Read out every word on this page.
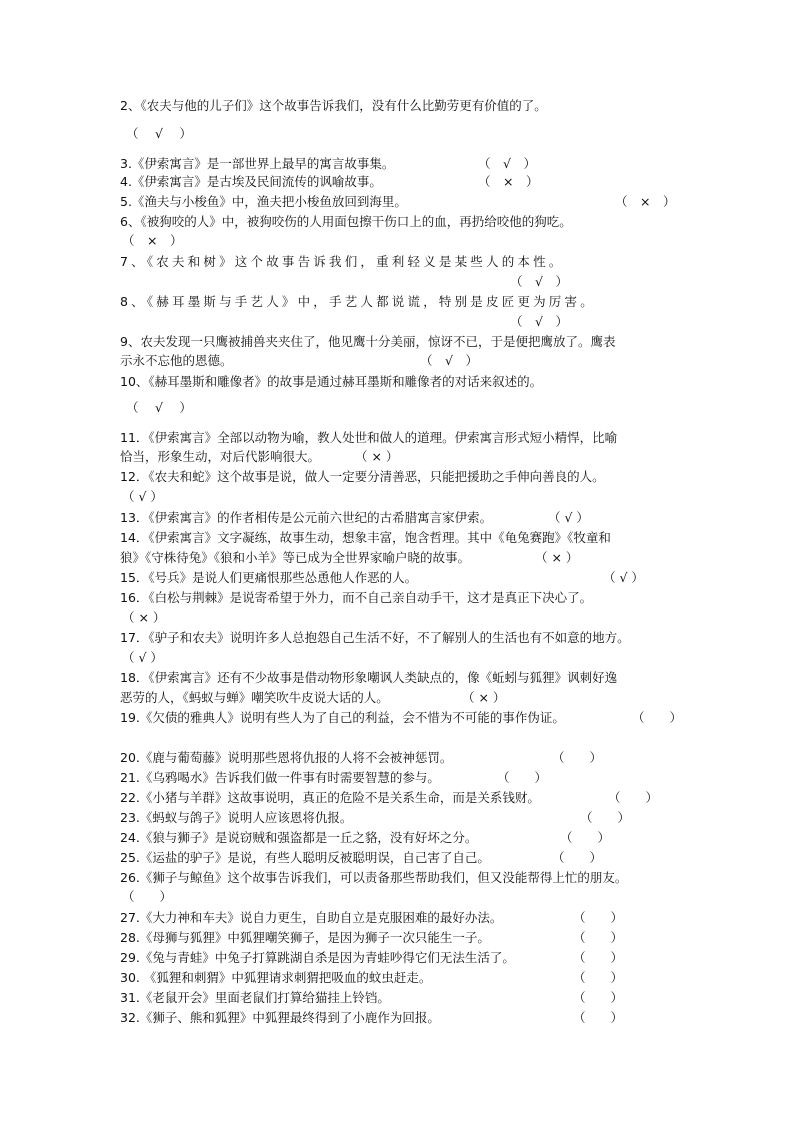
2、《农夫与他的儿子们》这个故事告诉我们，没有什么比勤劳更有价值的了。
（　 √ 　）
3.《伊索寓言》是一部世界上最早的寓言故事集。	（　√　）
4.《伊索寓言》是古埃及民间流传的讽喻故事。	（　×　）
5.《渔夫与小梭鱼》中，渔夫把小梭鱼放回到海里。	（　×　）
6、《被狗咬的人》中，被狗咬伤的人用面包擦干伤口上的血，再扔给咬他的狗吃。
（　×　）
7、《农夫和树》这个故事告诉我们，重利轻义是某些人的本性。
（　√　）
8、《赫耳墨斯与手艺人》中，手艺人都说谎，特别是皮匠更为厉害。
（　√　）
9、农夫发现一只鹰被捕兽夹夹住了，他见鹰十分美丽，惊讶不已，于是便把鹰放了。鹰表
示永不忘他的恩德。	（　√　）
10、《赫耳墨斯和雕像者》的故事是通过赫耳墨斯和雕像者的对话来叙述的。
（　 √ 　）
11．《伊索寓言》全部以动物为喻，教人处世和做人的道理。伊索寓言形式短小精悍，比喻
恰当，形象生动，对后代影响很大。	（ × ）
12．《农夫和蛇》这个故事是说，做人一定要分清善恶，只能把援助之手伸向善良的人。
（ √ ）
13．《伊索寓言》的作者相传是公元前六世纪的古希腊寓言家伊索。	（ √ ）
14．《伊索寓言》文字凝练，故事生动，想象丰富，饱含哲理。其中《龟兔赛跑》《牧童和
狼》《守株待兔》《狼和小羊》等已成为全世界家喻户晓的故事。	（ × ）
15．《号兵》是说人们更痛恨那些怂恿他人作恶的人。	（ √ ）
16．《白松与荆棘》是说寄希望于外力，而不自己亲自动手干，这才是真正下决心了。
（ × ）
17．《驴子和农夫》说明许多人总抱怨自己生活不好，不了解别人的生活也有不如意的地方。
（ √ ）
18．《伊索寓言》还有不少故事是借动物形象嘲讽人类缺点的，像《蚯蚓与狐狸》讽刺好逸
恶劳的人，《蚂蚁与蝉》嘲笑吹牛皮说大话的人。	（ × ）
19.《欠债的雅典人》说明有些人为了自己的利益，会不惜为不可能的事作伪证。	（　　）
20.《鹿与葡萄藤》说明那些恩将仇报的人将不会被神惩罚。	（　　）
21.《乌鸦喝水》告诉我们做一件事有时需要智慧的参与。	（　　）
22.《小猪与羊群》这故事说明，真正的危险不是关系生命，而是关系钱财。	（　　）
23.《蚂蚁与鸽子》说明人应该恩将仇报。	（　　）
24.《狼与狮子》是说窃贼和强盗都是一丘之貉，没有好坏之分。	（　　）
25.《运盐的驴子》是说，有些人聪明反被聪明误，自己害了自己。	（　　）
26.《狮子与鲸鱼》这个故事告诉我们，可以责备那些帮助我们，但又没能帮得上忙的朋友。
（　　）
27.《大力神和车夫》说自力更生，自助自立是克服困难的最好办法。	（　　）
28.《母狮与狐狸》中狐狸嘲笑狮子，是因为狮子一次只能生一子。	（　　）
29.《兔与青蛙》中兔子打算跳湖自杀是因为青蛙吵得它们无法生活了。	（　　）
30. 《狐狸和刺猬》中狐狸请求刺猬把吸血的蚊虫赶走。	（　　）
31.《老鼠开会》里面老鼠们打算给猫挂上铃铛。	（　　）
32.《狮子、熊和狐狸》中狐狸最终得到了小鹿作为回报。	（　　）
